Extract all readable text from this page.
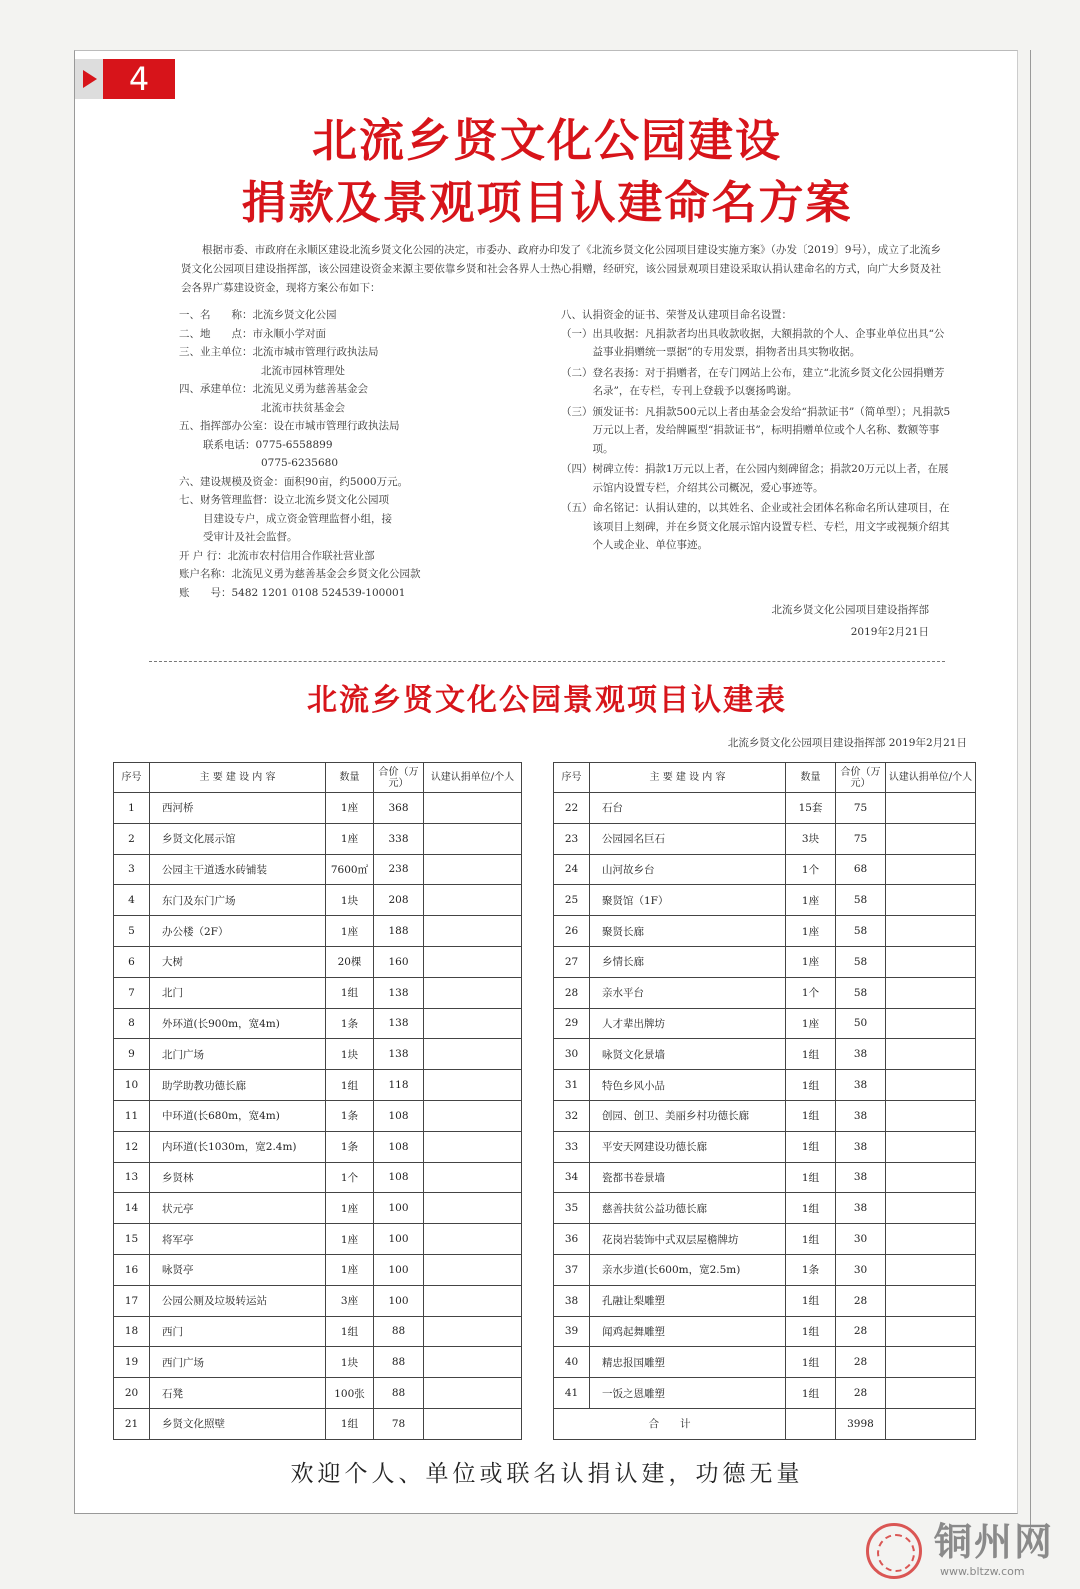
4
北流乡贤文化公园建设
捐款及景观项目认建命名方案

根据市委、市政府在永顺区建设北流乡贤文化公园的决定，市委办、政府办印发了《北流乡贤文化公园项目建设实施方案》（办发〔2019〕9号），成立了北流乡贤文化公园项目建设指挥部，该公园建设资金来源主要依靠乡贤和社会各界人士热心捐赠，经研究，该公园景观项目建设采取认捐认建命名的方式，向广大乡贤及社会各界广募建设资金，现将方案公布如下：

一、名　　称：北流乡贤文化公园
二、地　　点：市永顺小学对面
三、业主单位：北流市城市管理行政执法局
北流市园林管理处
四、承建单位：北流见义勇为慈善基金会
北流市扶贫基金会
五、指挥部办公室：设在市城市管理行政执法局
联系电话：0775-6558899
0775-6235680
六、建设规模及资金：面积90亩，约5000万元。
七、财务管理监督：设立北流乡贤文化公园项
目建设专户，成立资金管理监督小组，接
受审计及社会监督。
开 户 行：北流市农村信用合作联社营业部
账户名称：北流见义勇为慈善基金会乡贤文化公园款
账　　号：5482 1201 0108 524539-100001
八、认捐资金的证书、荣誉及认建项目命名设置：
（一） 出具收据：凡捐款者均出具收款收据，大额捐款的个人、企事业单位出具“公益事业捐赠统一票据”的专用发票，捐物者出具实物收据。
（二） 登名表扬：对于捐赠者，在专门网站上公布，建立“北流乡贤文化公园捐赠芳名录”，在专栏，专刊上登载予以褒扬鸣谢。
（三） 颁发证书：凡捐款500元以上者由基金会发给“捐款证书”（简单型）；凡捐款5万元以上者，发给牌匾型“捐款证书”，标明捐赠单位或个人名称、数额等事项。
（四） 树碑立传：捐款1万元以上者，在公园内刻碑留念；捐款20万元以上者，在展示馆内设置专栏，介绍其公司概况，爱心事迹等。
（五） 命名铭记：认捐认建的，以其姓名、企业或社会团体名称命名所认建项目，在该项目上刻碑，并在乡贤文化展示馆内设置专栏、专栏，用文字或视频介绍其个人或企业、单位事迹。
北流乡贤文化公园项目建设指挥部
2019年2月21日
北流乡贤文化公园景观项目认建表
北流乡贤文化公园项目建设指挥部 2019年2月21日
序号	主 要 建 设 内 容	数量	合价（万元）	认建认捐单位/个人
1	西河桥	1座	368	
2	乡贤文化展示馆	1座	338	
3	公园主干道透水砖铺装	7600㎡	238	
4	东门及东门广场	1块	208	
5	办公楼（2F）	1座	188	
6	大树	20棵	160	
7	北门	1组	138	
8	外环道(长900m，宽4m)	1条	138	
9	北门广场	1块	138	
10	助学助教功德长廊	1组	118	
11	中环道(长680m，宽4m)	1条	108	
12	内环道(长1030m，宽2.4m)	1条	108	
13	乡贤林	1个	108	
14	状元亭	1座	100	
15	将军亭	1座	100	
16	咏贤亭	1座	100	
17	公园公厕及垃圾转运站	3座	100	
18	西门	1组	88	
19	西门广场	1块	88	
20	石凳	100张	88	
21	乡贤文化照壁	1组	78	
序号	主 要 建 设 内 容	数量	合价（万元）	认建认捐单位/个人
22	石台	15套	75	
23	公园园名巨石	3块	75	
24	山河故乡台	1个	68	
25	聚贤馆（1F）	1座	58	
26	聚贤长廊	1座	58	
27	乡情长廊	1座	58	
28	亲水平台	1个	58	
29	人才辈出牌坊	1座	50	
30	咏贤文化景墙	1组	38	
31	特色乡风小品	1组	38	
32	创园、创卫、美丽乡村功德长廊	1组	38	
33	平安天网建设功德长廊	1组	38	
34	瓷都书卷景墙	1组	38	
35	慈善扶贫公益功德长廊	1组	38	
36	花岗岩装饰中式双层屋檐牌坊	1组	30	
37	亲水步道(长600m，宽2.5m)	1条	30	
38	孔融让梨雕塑	1组	28	
39	闻鸡起舞雕塑	1组	28	
40	精忠报国雕塑	1组	28	
41	一饭之恩雕塑	1组	28	
合　　计			3998	
欢迎个人、单位或联名认捐认建，功德无量
铜州网
www.bltzw.com
